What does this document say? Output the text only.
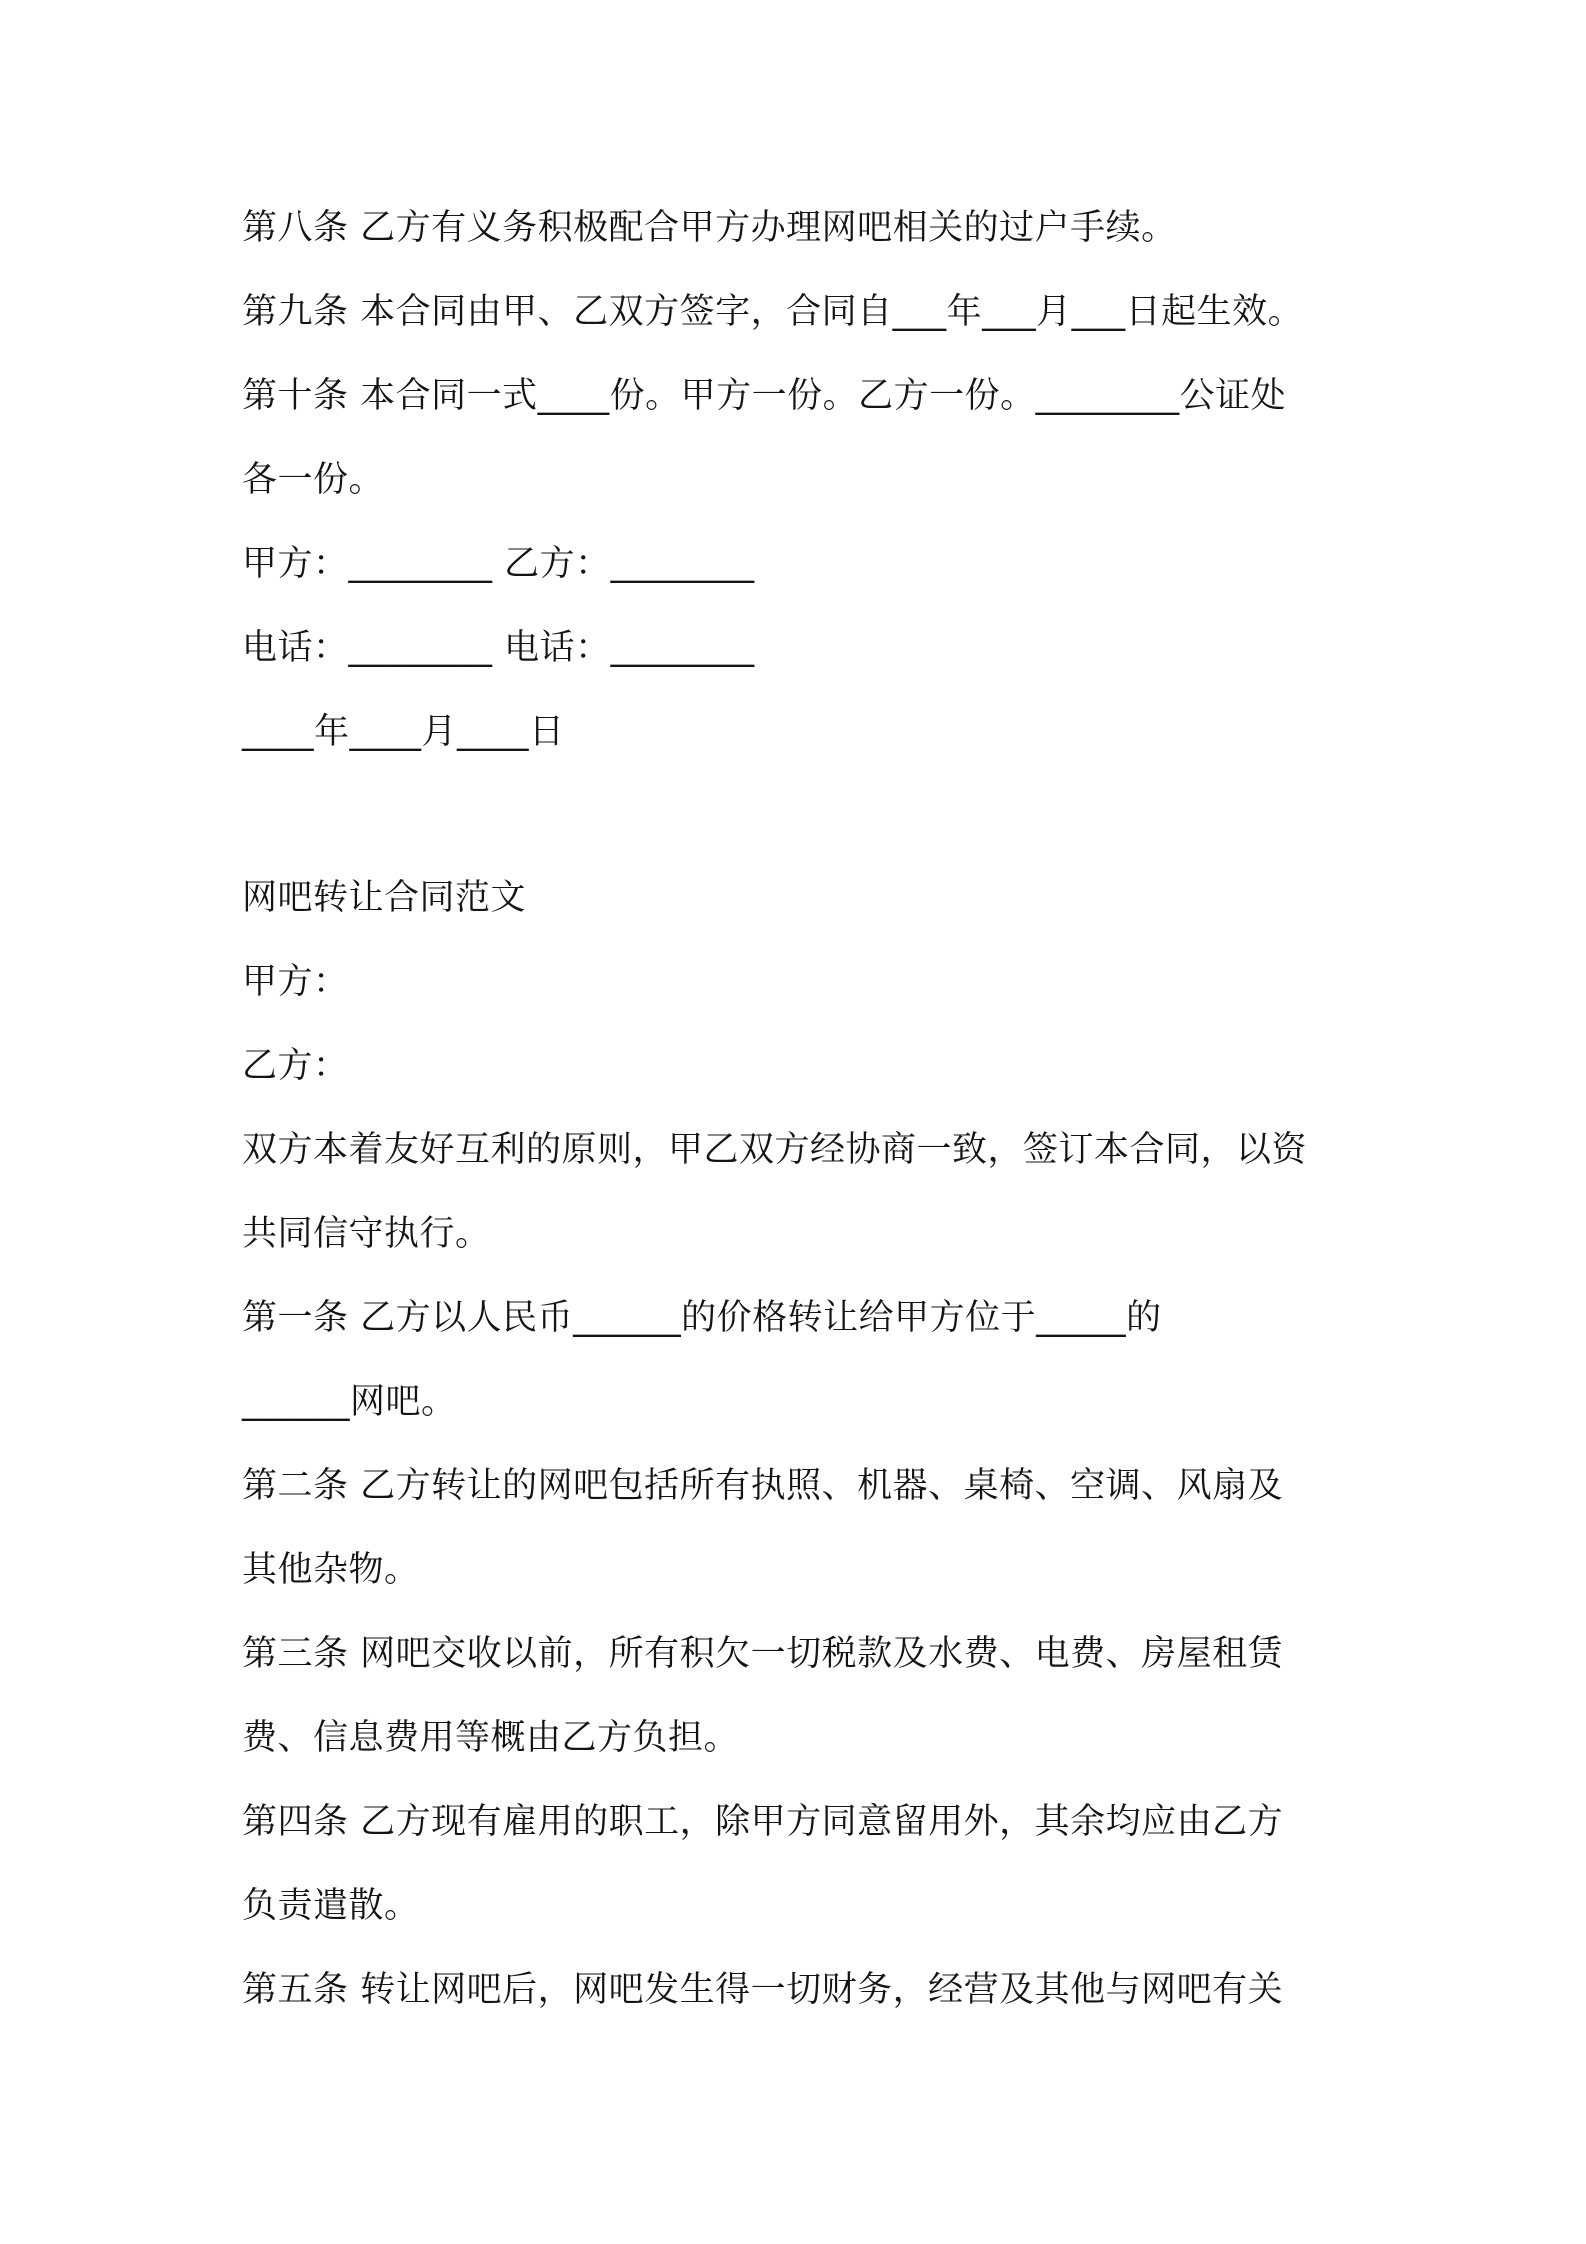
第八条 乙方有义务积极配合甲方办理网吧相关的过户手续。
第九条 本合同由甲、乙双方签字，合同自___年___月___日起生效。
第十条 本合同一式____份。甲方一份。乙方一份。________公证处
各一份。
甲方：________ 乙方：________
电话：________ 电话：________
____年____月____日
网吧转让合同范文
甲方：
乙方：
双方本着友好互利的原则，甲乙双方经协商一致，签订本合同，以资
共同信守执行。
第一条 乙方以人民币______的价格转让给甲方位于_____的
______网吧。
第二条 乙方转让的网吧包括所有执照、机器、桌椅、空调、风扇及
其他杂物。
第三条 网吧交收以前，所有积欠一切税款及水费、电费、房屋租赁
费、信息费用等概由乙方负担。
第四条 乙方现有雇用的职工，除甲方同意留用外，其余均应由乙方
负责遣散。
第五条 转让网吧后，网吧发生得一切财务，经营及其他与网吧有关
